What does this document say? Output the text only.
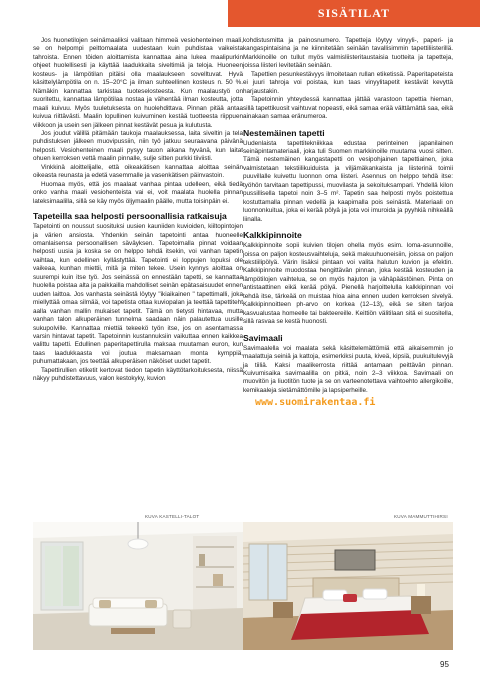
SISÄTILAT

Jos huonetilojen seinämaaliksi valitaan himmeä vesiohenteinen maali, se on helpompi peittomaalata uudestaan kuin puhdistaa vaikeista tahroista. Ennen töiden aloittamista kannattaa aina lukea maalipurkin ohjeet huolellisesti ja käyttää laadukkaita siveltimiä ja teloja. Huoneen kosteus- ja lämpötilan pitäisi olla maalaukseen sovelltuvat. Hyvä käsittelylämpötila on n. 15–20°C ja ilman suhteellinen kosteus n. 50 %. Nämäkin kannattaa tarkistaa tuoteselosteesta. Kun maalaustyö on suoritettu, kannattaa lämpötilaa nostaa ja vähentää ilman kosteutta, jotta maali kuivuu. Myös tuuletuksesta on huolehdittava. Pinnan pitää antaa kuivua riittävästi. Maalin lopullinen kuivuminen kestää tuotteesta riippuen viikkoon ja usein sen jälkeen pinnat kestävät pesua ja kulutusta.

Jos joudut välillä pitämään taukoja maalauksessa, laita siveltin ja tela puhdistuksen jälkeen muovipussiin, niin työ jatkuu seuraavana päivänä helposti. Vesiohenteinen maali pysyy tauon aikana hyvänä, kun laitat ohuen kerroksen vettä maalin pinnalle, sulje sitten purkki tiiviisti.

Vinkkinä aloittelijalle, että oikeakätisen kannattaa aloittaa seinän oikeasta reunasta ja edetä vasemmalle ja vasenkätisen päinvastoin.

Huomaa myös, että jos maalaat vanhaa pintaa udelleen, eikä tiedä onko vanha maali vesiohenteista vai ei, voit maalata huolella pinnan lateksimaalilla, sillä se käy myös öljymaalin päälle, mutta toisinpäin ei.

Tapeteilla saa helposti persoonallisia ratkaisuja

Tapetointi on noussut suosituksi uusien kauniiden kuvioiden, kiiltopintojen ja värien ansiosta. Yhdenkin seinän tapetointi antaa huoneelle omanlaisensa persoonallisen säväyksen. Tapetoimalla pinnat voidaan helposti uusia ja koska se on helppo tehdä itsekin, voi vanhan tapetin vaihtaa, kun edellinen kyllästyttää. Tapetointi ei loppujen lopuksi ole vaikeaa, kunhan miettii, mitä ja miten tekee. Usein kynnys aloittaa on suurempi kuin itse työ. Jos seinässä on ennestään tapetti, se kannattaa huolella poistaa alta ja paikkailla mahdolliset seinän epätasaisuudet ennen uuden laittoa. Jos vanhasta seinästä löytyy "ikiaikainen " tapettimalli, joka miellyttää omaa silmää, voi tapetista ottaa kuviopalan ja teettää tapettiteht aalla vanhan mallin mukaiset tapetit. Tämä on tietysti hintavaa, mutta vanhan talon alkuperäinen tunnelma saadaan näin palautettua uusille sukupolville. Kannattaa miettiä tekeekö työn itse, jos on asentamassa varsin hintavat tapetit. Tapetoinnin kustannuksiin vaikuttaa ennen kaikkea valittu tapetti. Edullinen paperitapettirulla maksaa muutaman euron, kun taas laadukkaasta voi joutua maksamaan monta kymppiä, puhumattakaan, jos teettää alkuperäisen näköiset uudet tapetit.

Tapettirullien etiketit kertovat tiedon tapetin käyttötarkoituksesta, niissä näkyy puhdistettavuus, valon kestokyky, kuvion

kohdistusmitta ja painosnumero. Tapetteja löytyy vinyyli-, paperi- ja kangaspintaisina ja ne kiinnitetään seinään tavallisimmin tapettiliisterillä. Markkinoille on tullut myös valmisliisteritaustaisia tuotteita ja tapetteja, joissa liisteri levitetään seinään.

Tapettien pesunkestävyys ilmoitetaan rullan etiketissä. Paperitapeteista ei juuri tahroja voi poistaa, kun taas vinyylitapetit kestävät kevyttä harjaustakin.

Tapetoinnin yhteydessä kannattaa jättää varastoon tapettia hieman, sillä tapettikuosit vaihtuvat nopeasti, eikä samaa erää välttämättä saa, eikä ainakaan samaa eränumeroa.

Nestemäinen tapetti

Uudenlaista tapettitekniikkaa edustaa perinteinen japanilainen seinäpintamateriaali, joka tuli Suomen markkinoille muutama vuosi sitten. Tämä nestemäinen kangastapetti on vesipohjainen tapettiainen, joka valmistetaan tekstiilikuiduista ja viljämäkankaista ja liisterinä toimii puuvillalle kuivettu luonnon oma liisteri. Asennus on helppo tehdä itse: työhön tarvitaan tapettipussi, muovilasta ja sekoituksampari. Yhdellä kilon pussillisella tapetoi noin 3–5 m². Tapetin saa helposti myös poistettua kostuttamalla pinnan vedellä ja kaapimalla pois seinästä. Materiaali on luonnonkuitua, joka ei kerää pölyä ja jota voi imuroida ja pyyhkiä nihkeällä liinalla.

Kalkkipinnoite

Kalkkipinnoite sopii kuivien tilojen ohella myös esim. loma-asunnoille, joissa on paljon kosteusvaihteluja, sekä makuuhuoneisiin, joissa on paljon tekstiilipölyä. Värin lisäksi pintaan voi valita halutun kuvion ja efektin. Kalkkipinnoite muodostaa hengittävän pinnan, joka kestää kosteuden ja lämpötilojen vaihtelua, se on myös hajuton ja vähäpäästöinen. Pinta on antistaattinen eikä kerää pölyä. Pienellä harjoittelulla kalkkipinnan voi tehdä itse, tärkeää on muistaa hioa aina ennen uuden kerroksen sivelyä. Kalkkipinnoitteen ph-arvo on korkea (12–13), eikä se siten tarjoa kasvualustaa homeelle tai bakteereille. Keittiön välitilaan sitä ei suositella, sillä rasvaa se kestä huonosti.

Savimaali

Savimaalella voi maalata sekä käsittelemättömiä että aikaisemmin jo maalattuja seiniä ja kattoja, esimerkiksi puuta, kiveä, kipsiä, puukuitulevyjä ja tiiliä. Kaksi maalikerrosta riittää antamaan peittävän pinnan. Kuivumisaika savimaalilla on pitkä, noin 2–3 viikkoa. Savimaali on muovitön ja liuotitön tuote ja se on varteenotettava vaihtoehto allergikoille, kemikaaleja sietämättömille ja lapsiperheille.

www.suomirakentaa.fi
KUVA KASTELLI-TALOT	KUVA MAMMUTTIHIRSI
95
